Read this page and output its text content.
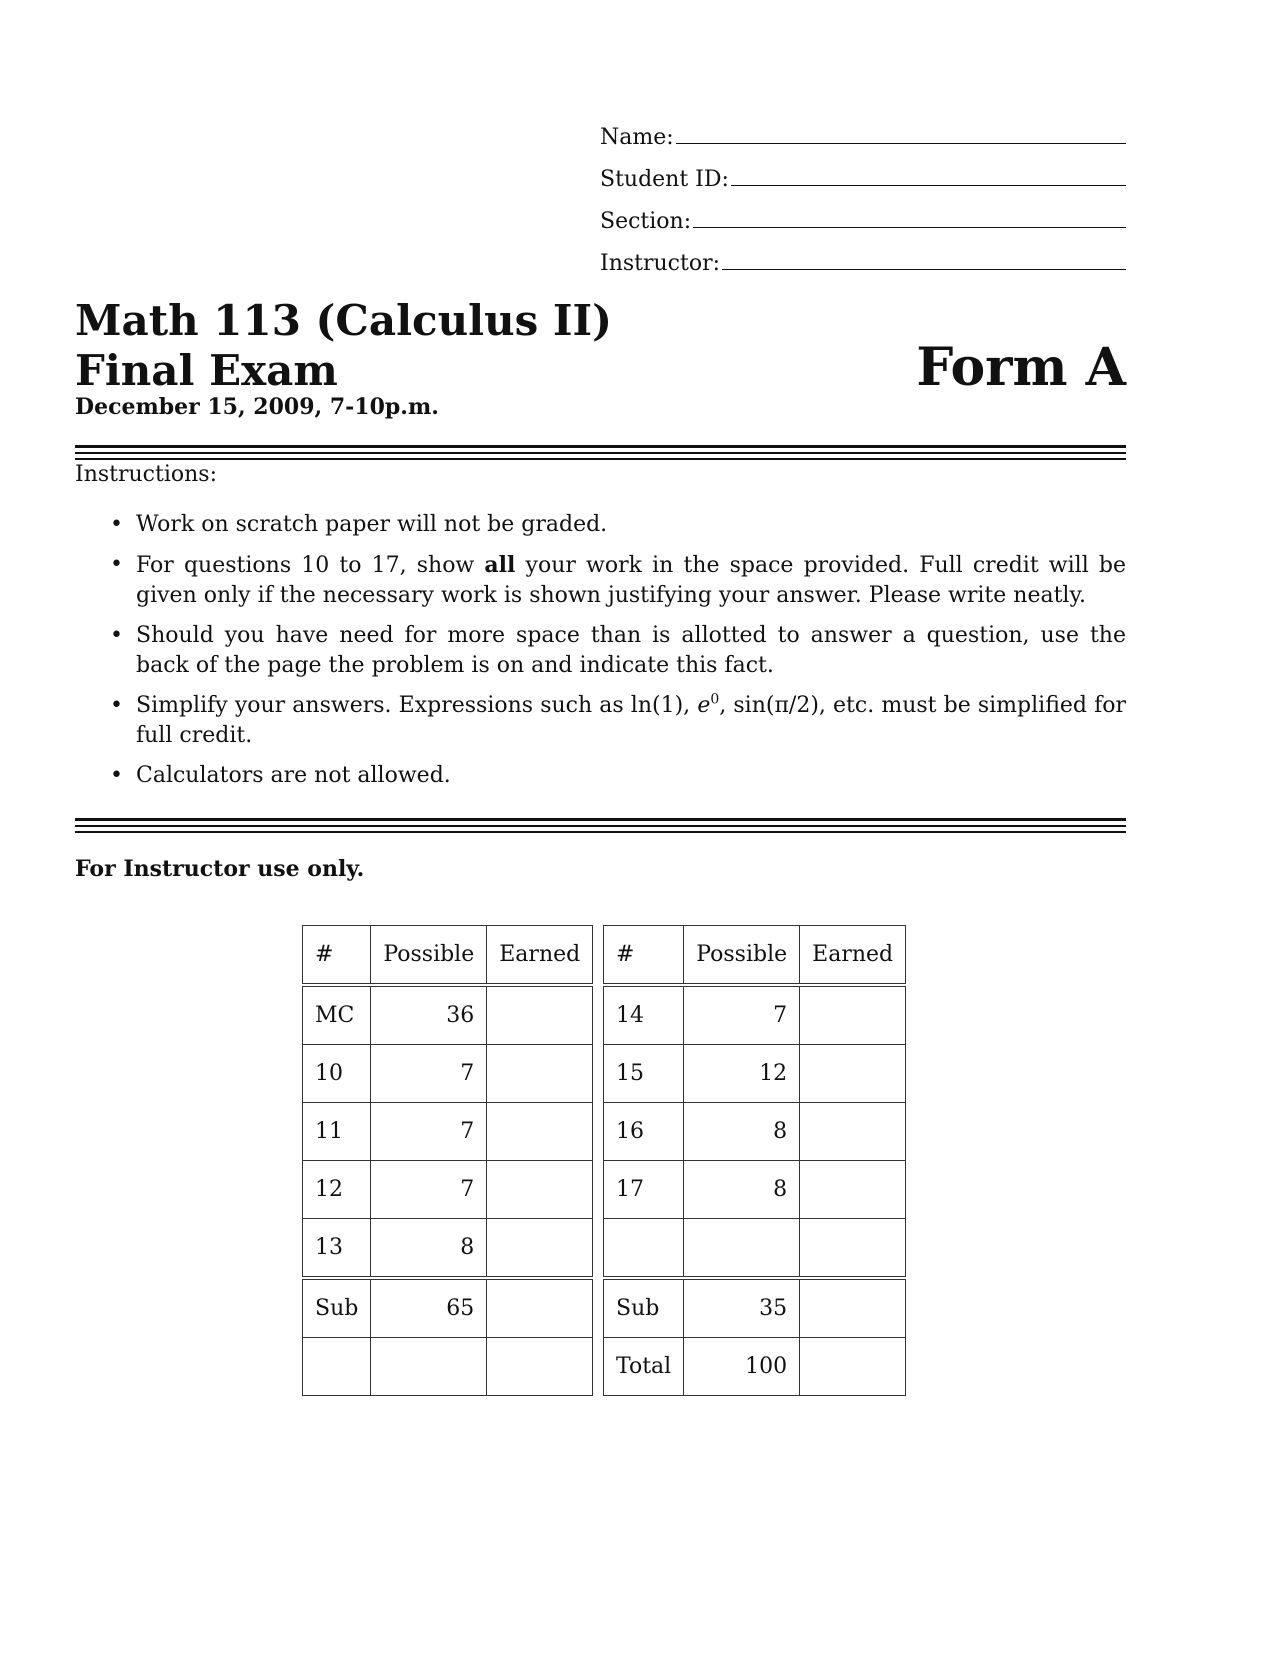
Name:
Student ID:
Section:
Instructor:
Math 113 (Calculus II)
Final Exam
December 15, 2009, 7-10p.m.
Form A
Instructions:
• Work on scratch paper will not be graded.
• For questions 10 to 17, show all your work in the space provided. Full credit will be given only if the necessary work is shown justifying your answer. Please write neatly.
• Should you have need for more space than is allotted to answer a question, use the back of the page the problem is on and indicate this fact.
• Simplify your answers. Expressions such as ln(1), $e^0$, sin(π/2), etc. must be simplified for full credit.
• Calculators are not allowed.
For Instructor use only.
#	Possible	Earned
MC	36	
10	7	
11	7	
12	7	
13	8	
Sub	65	

#	Possible	Earned
14	7	
15	12	
16	8	
17	8	

Sub	35	
Total	100	
